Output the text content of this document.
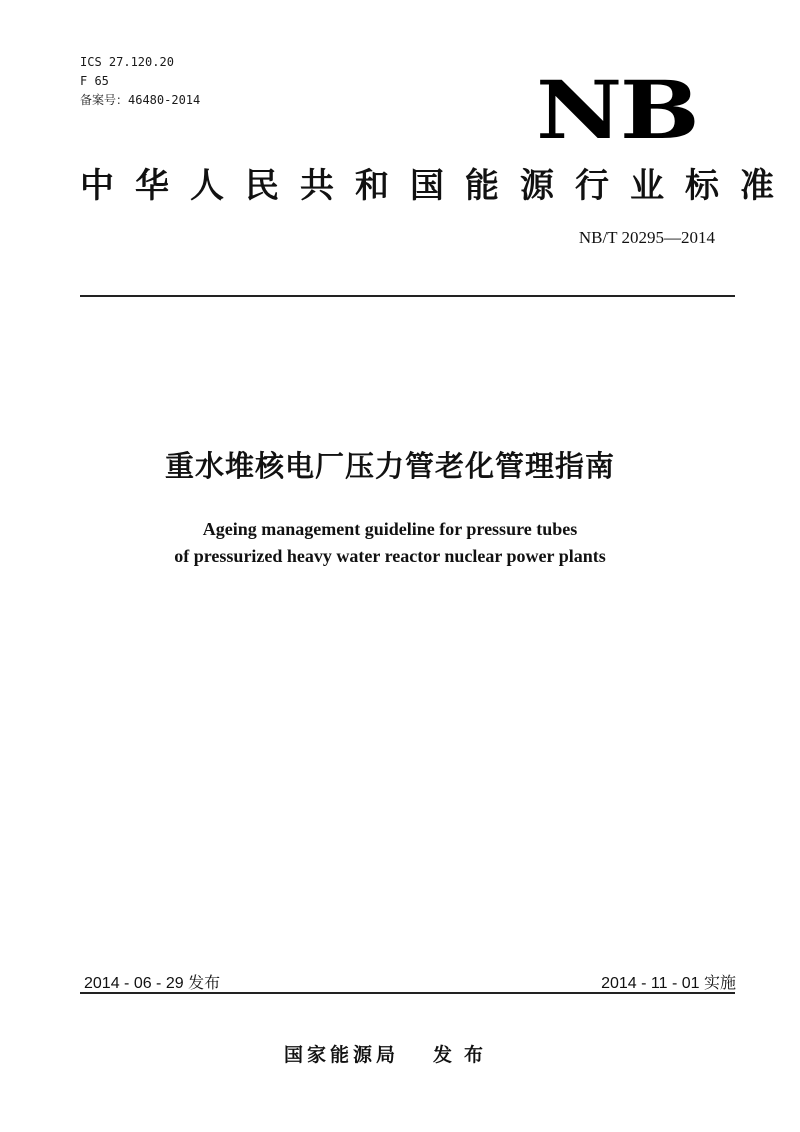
ICS 27.120.20
F 65
备案号：46480-2014	NB
中华人民共和国能源行业标准
NB/T 20295—2014
重水堆核电厂压力管老化管理指南
Ageing management guideline for pressure tubes
of pressurized heavy water reactor nuclear power plants
2014 - 06 - 29 发布	2014 - 11 - 01 实施
国家能源局 发布
